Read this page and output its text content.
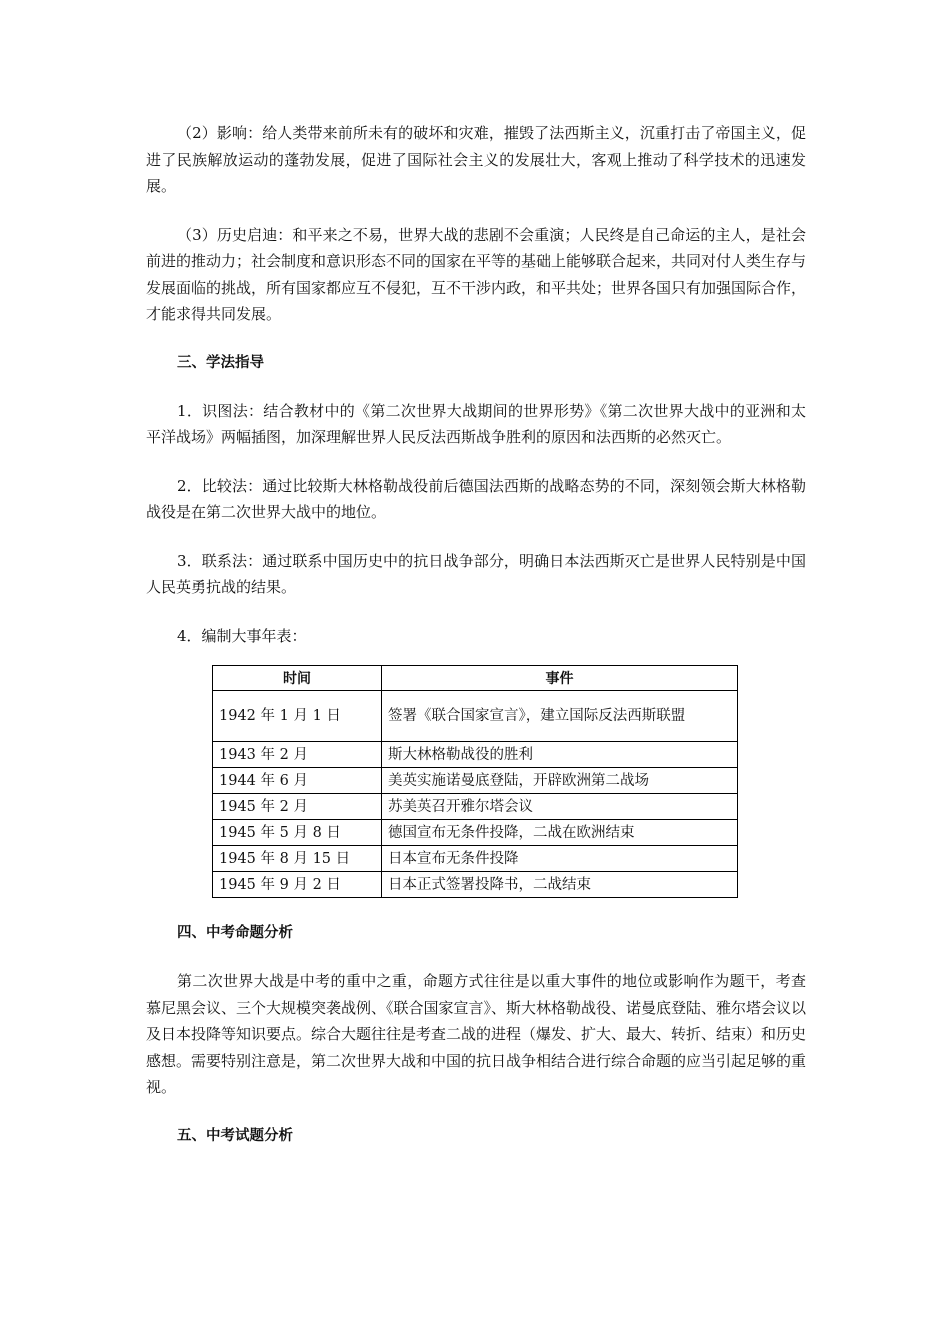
（2）影响：给人类带来前所未有的破坏和灾难，摧毁了法西斯主义，沉重打击了帝国主义，促进了民族解放运动的蓬勃发展，促进了国际社会主义的发展壮大，客观上推动了科学技术的迅速发展。

（3）历史启迪：和平来之不易，世界大战的悲剧不会重演；人民终是自己命运的主人，是社会前进的推动力；社会制度和意识形态不同的国家在平等的基础上能够联合起来，共同对付人类生存与发展面临的挑战，所有国家都应互不侵犯，互不干涉内政，和平共处；世界各国只有加强国际合作，才能求得共同发展。

三、学法指导

1．识图法：结合教材中的《第二次世界大战期间的世界形势》《第二次世界大战中的亚洲和太平洋战场》两幅插图，加深理解世界人民反法西斯战争胜利的原因和法西斯的必然灭亡。

2．比较法：通过比较斯大林格勒战役前后德国法西斯的战略态势的不同，深刻领会斯大林格勒战役是在第二次世界大战中的地位。

3．联系法：通过联系中国历史中的抗日战争部分，明确日本法西斯灭亡是世界人民特别是中国人民英勇抗战的结果。

4．编制大事年表：

时间	事件
1942 年 1 月 1 日	签署《联合国家宣言》，建立国际反法西斯联盟
1943 年 2 月	斯大林格勒战役的胜利
1944 年 6 月	美英实施诺曼底登陆，开辟欧洲第二战场
1945 年 2 月	苏美英召开雅尔塔会议
1945 年 5 月 8 日	德国宣布无条件投降，二战在欧洲结束
1945 年 8 月 15 日	日本宣布无条件投降
1945 年 9 月 2 日	日本正式签署投降书，二战结束
四、中考命题分析

第二次世界大战是中考的重中之重，命题方式往往是以重大事件的地位或影响作为题干，考查慕尼黑会议、三个大规模突袭战例、《联合国家宣言》、斯大林格勒战役、诺曼底登陆、雅尔塔会议以及日本投降等知识要点。综合大题往往是考查二战的进程（爆发、扩大、最大、转折、结束）和历史感想。需要特别注意是，第二次世界大战和中国的抗日战争相结合进行综合命题的应当引起足够的重视。

五、中考试题分析
